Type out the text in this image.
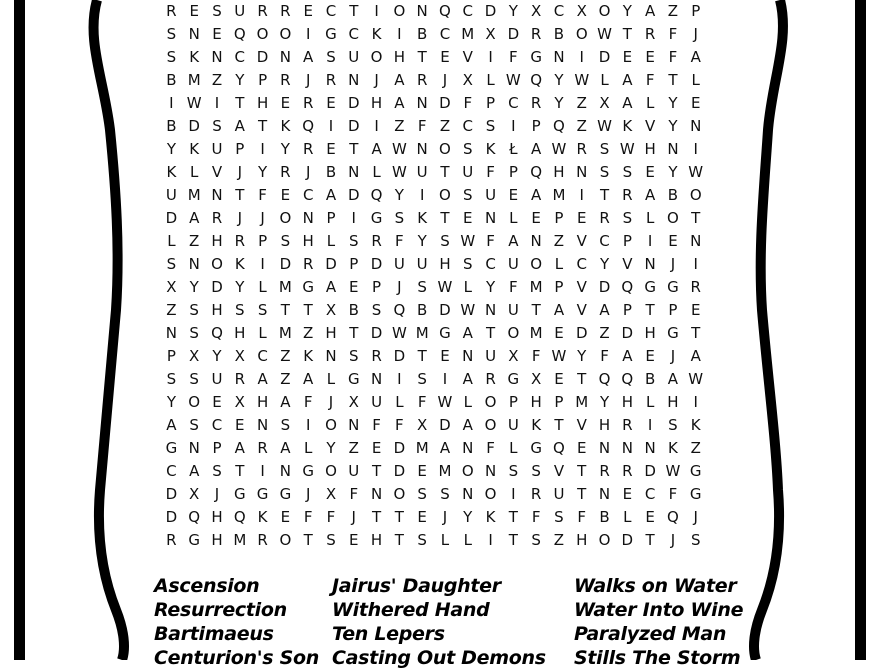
R E S U R R E C T	I O N Q C D Y X C X O Y A Z P
S N E Q O O I G C K	I	B C M X D R B O W T R F	J
S K N C D N A S U O H T E V	I	F G N I D E E F A
B M Z Y P R	J	R N J	A R	J	X L W Q Y W L A F T L
I W I	T H E R E D H A N D F P C R Y Z X A L Y E
B D S A T K Q I D I	Z F Z C S	I	P Q Z W K V Y N
Y K U P	I	Y R E T A W N O S K Ł A W R S W H N I
K L V	J	Y R	J	B N L W U T U F P Q H N S S E Y W
U M N T F E C A D Q Y	I O S U E A M I	T R A B O
D A R	J	J O N P	I G S K T E N L E P E R S L O T
L Z H R P S H L S R F Y S W F A N Z V C P	I	E N
S N O K	I D R D P D U U H S C U O L C Y V N J	I
X Y D Y L M G A E P	J	S W L Y F M P V D Q G G R
Z S H S S T T X B S Q B D W N U T A V A P T P E
N S Q H L M Z H T D W M G A T O M E D Z D H G T
P X Y X C Z K N S R D T E N U X F W Y F A E	J	A
S S U R A Z A L G N I	S	I	A R G X E T Q Q B A W
Y O E X H A F	J	X U L F W L O P H P M Y H L H I
A S C E N S	I O N F F X D A O U K T V H R	I	S K
G N P A R A L Y Z E D M A N F L G Q E N N N K Z
C A S T	I N G O U T D E M O N S S V T R R D W G
D X	J G G G J	X F N O S S N O I	R U T N E C F G
D Q H Q K E F F	J	T T E	J	Y K T F S F B L E Q J
R G H M R O T S E H T S L L	I	T S Z H O D T	J	S
Ascension
Resurrection
Bartimaeus
Centurion's Son
Jairus' Daughter
Withered Hand
Ten Lepers
Casting Out Demons
Walks on Water
Water Into Wine
Paralyzed Man
Stills The Storm
